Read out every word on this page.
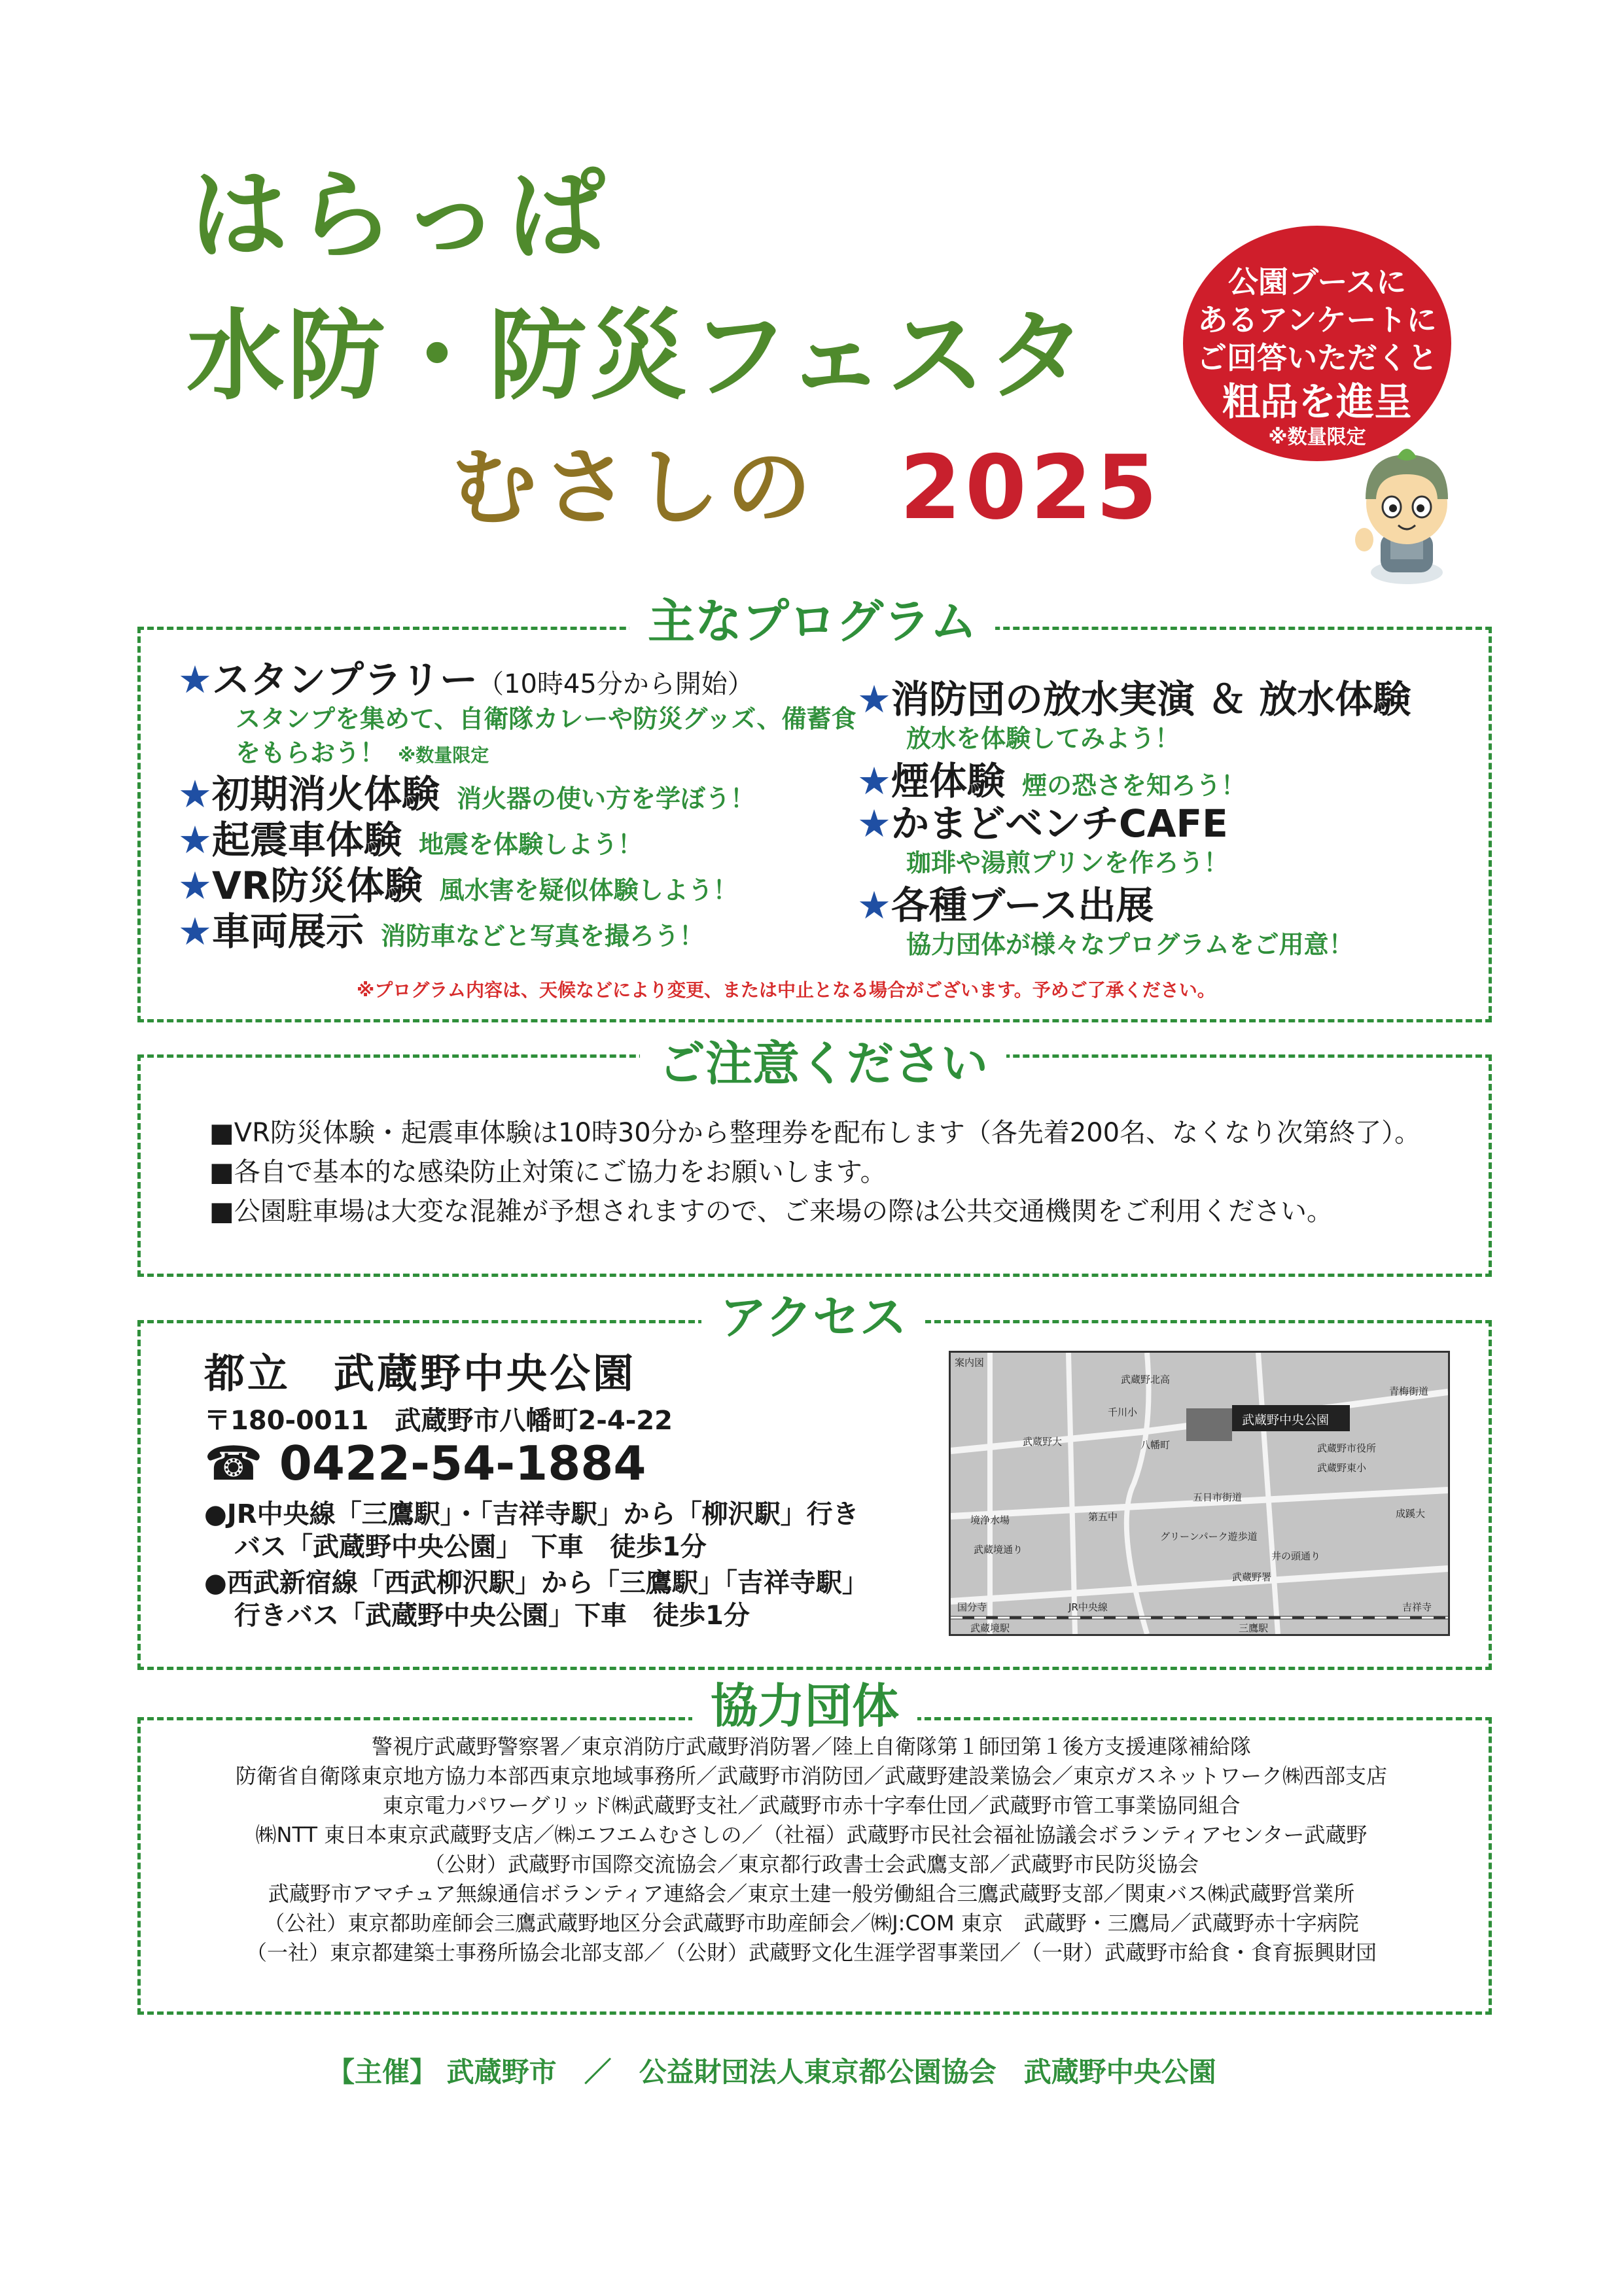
はらっぱ
水防・防災フェスタ
むさしの 2025
公園ブースに
あるアンケートに
ご回答いただくと
粗品を進呈
※数量限定
主なプログラム
★スタンプラリー（10時45分から開始）
スタンプを集めて、自衛隊カレーや防災グッズ、備蓄食
をもらおう！ ※数量限定
★初期消火体験 消火器の使い方を学ぼう！
★起震車体験 地震を体験しよう！
★VR防災体験 風水害を疑似体験しよう！
★車両展示 消防車などと写真を撮ろう！
★消防団の放水実演 ＆ 放水体験
放水を体験してみよう！
★煙体験 煙の恐さを知ろう！
★かまどベンチCAFE
珈琲や湯煎プリンを作ろう！
★各種ブース出展
協力団体が様々なプログラムをご用意！
※プログラム内容は、天候などにより変更、または中止となる場合がございます。予めご了承ください。
ご注意ください
■VR防災体験・起震車体験は10時30分から整理券を配布します（各先着200名、なくなり次第終了）。
■各自で基本的な感染防止対策にご協力をお願いします。
■公園駐車場は大変な混雑が予想されますので、ご来場の際は公共交通機関をご利用ください。
アクセス
都立　武蔵野中央公園
〒180-0011　武蔵野市八幡町2-4-22
☎ 0422-54-1884
●JR中央線「三鷹駅」・「吉祥寺駅」から「柳沢駅」行き
バス「武蔵野中央公園」 下車　徒歩1分
●西武新宿線「西武柳沢駅」から「三鷹駅」「吉祥寺駅」
行きバス「武蔵野中央公園」下車　徒歩1分
案内図
武蔵野中央公園
武蔵野北高
青梅街道
千川小
武蔵野大	八幡町	武蔵野市役所
武蔵野東小
五日市街道
成蹊大
境浄水場	第五中
グリーンパーク遊歩道
武蔵境通り
井の頭通り
武蔵野署
国分寺	JR中央線	吉祥寺
武蔵境駅	三鷹駅
協力団体
警視庁武蔵野警察署／東京消防庁武蔵野消防署／陸上自衛隊第１師団第１後方支援連隊補給隊
防衛省自衛隊東京地方協力本部西東京地域事務所／武蔵野市消防団／武蔵野建設業協会／東京ガスネットワーク㈱西部支店
東京電力パワーグリッド㈱武蔵野支社／武蔵野市赤十字奉仕団／武蔵野市管工事業協同組合
㈱NTT 東日本東京武蔵野支店／㈱エフエムむさしの／（社福）武蔵野市民社会福祉協議会ボランティアセンター武蔵野
（公財）武蔵野市国際交流協会／東京都行政書士会武鷹支部／武蔵野市民防災協会
武蔵野市アマチュア無線通信ボランティア連絡会／東京土建一般労働組合三鷹武蔵野支部／関東バス㈱武蔵野営業所
（公社）東京都助産師会三鷹武蔵野地区分会武蔵野市助産師会／㈱J:COM 東京　武蔵野・三鷹局／武蔵野赤十字病院
（一社）東京都建築士事務所協会北部支部／（公財）武蔵野文化生涯学習事業団／（一財）武蔵野市給食・食育振興財団
【主催】 武蔵野市　／　公益財団法人東京都公園協会　武蔵野中央公園
